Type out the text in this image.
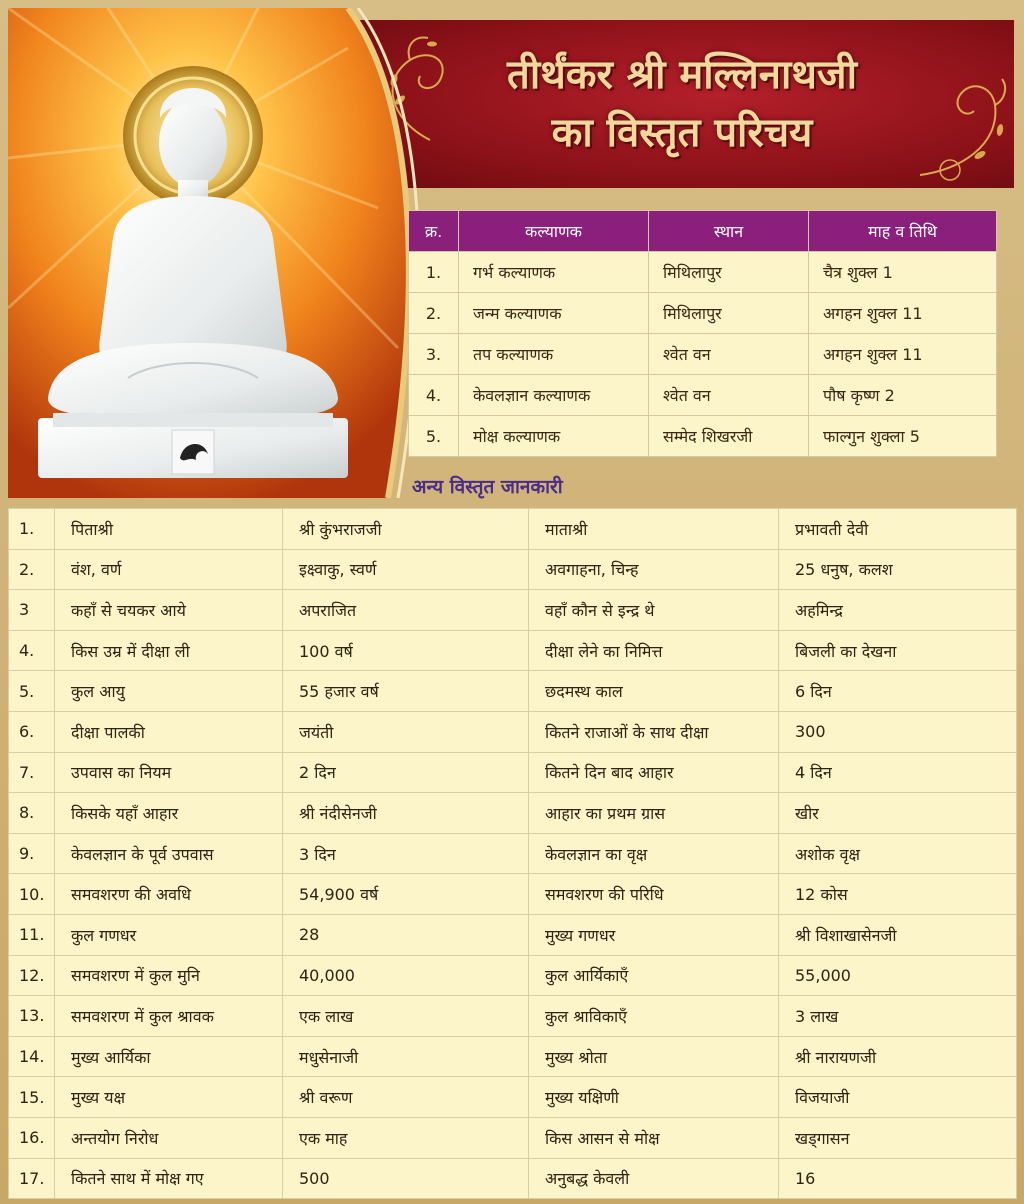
तीर्थंकर श्री मल्लिनाथजी
का विस्तृत परिचय
क्र.	कल्याणक	स्थान	माह व तिथि
1.	गर्भ कल्याणक	मिथिलापुर	चैत्र शुक्ल 1
2.	जन्म कल्याणक	मिथिलापुर	अगहन शुक्ल 11
3.	तप कल्याणक	श्वेत वन	अगहन शुक्ल 11
4.	केवलज्ञान कल्याणक	श्वेत वन	पौष कृष्ण 2
5.	मोक्ष कल्याणक	सम्मेद शिखरजी	फाल्गुन शुक्ला 5
अन्य विस्तृत जानकारी
1.	पिताश्री	श्री कुंभराजजी	माताश्री	प्रभावती देवी
2.	वंश, वर्ण	इक्ष्वाकु, स्वर्ण	अवगाहना, चिन्ह	25 धनुष, कलश
3	कहाँ से चयकर आये	अपराजित	वहाँ कौन से इन्द्र थे	अहमिन्द्र
4.	किस उम्र में दीक्षा ली	100 वर्ष	दीक्षा लेने का निमित्त	बिजली का देखना
5.	कुल आयु	55 हजार वर्ष	छदमस्थ काल	6 दिन
6.	दीक्षा पालकी	जयंती	कितने राजाओं के साथ दीक्षा	300
7.	उपवास का नियम	2 दिन	कितने दिन बाद आहार	4 दिन
8.	किसके यहाँ आहार	श्री नंदीसेनजी	आहार का प्रथम ग्रास	खीर
9.	केवलज्ञान के पूर्व उपवास	3 दिन	केवलज्ञान का वृक्ष	अशोक वृक्ष
10.	समवशरण की अवधि	54,900 वर्ष	समवशरण की परिधि	12 कोस
11.	कुल गणधर	28	मुख्य गणधर	श्री विशाखासेनजी
12.	समवशरण में कुल मुनि	40,000	कुल आर्यिकाएँ	55,000
13.	समवशरण में कुल श्रावक	एक लाख	कुल श्राविकाएँ	3 लाख
14.	मुख्य आर्यिका	मधुसेनाजी	मुख्य श्रोता	श्री नारायणजी
15.	मुख्य यक्ष	श्री वरूण	मुख्य यक्षिणी	विजयाजी
16.	अन्तयोग निरोध	एक माह	किस आसन से मोक्ष	खड्गासन
17.	कितने साथ में मोक्ष गए	500	अनुबद्ध केवली	16
